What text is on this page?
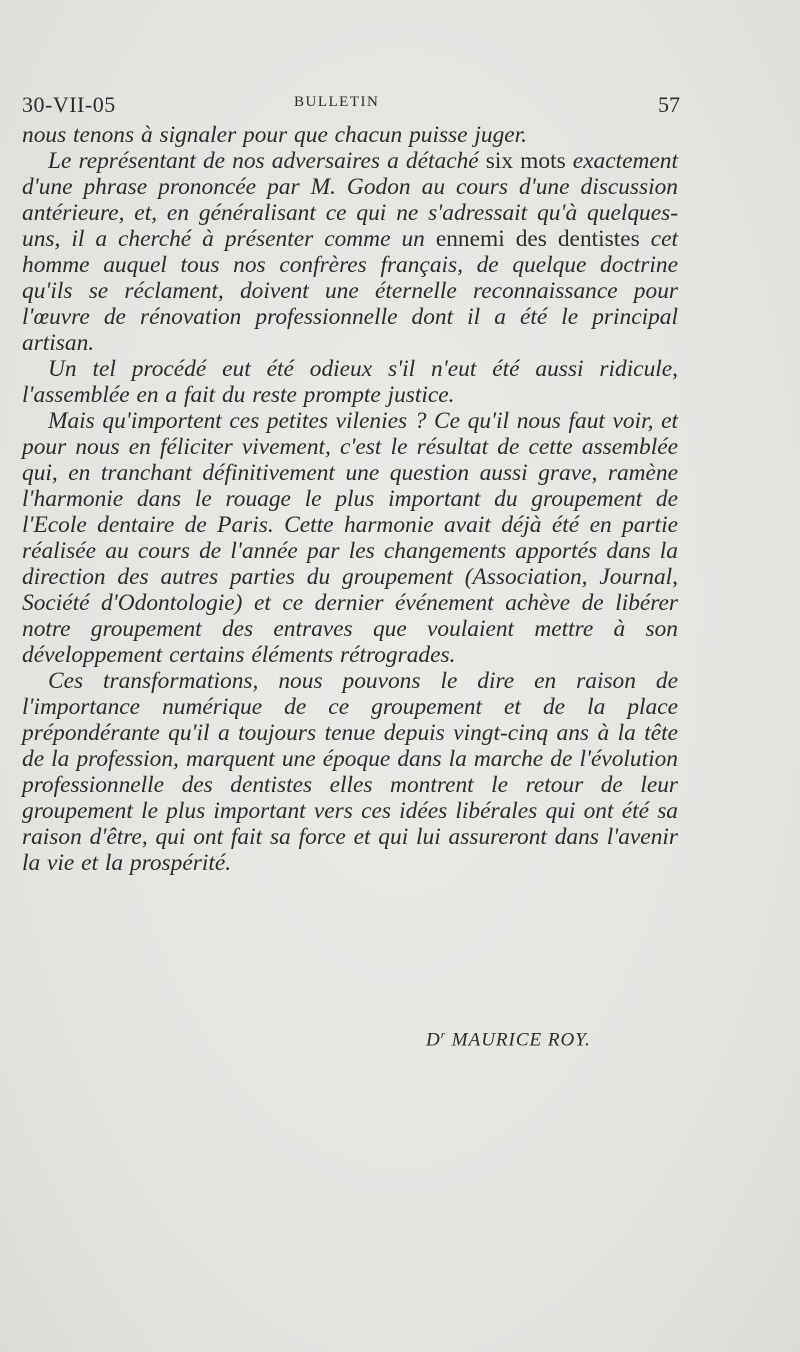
30-VII-05	BULLETIN	57

nous tenons à signaler pour que chacun puisse juger.

Le représentant de nos adversaires a détaché six mots exactement d'une phrase prononcée par M. Godon au cours d'une discussion antérieure, et, en généralisant ce qui ne s'adressait qu'à quelques-uns, il a cherché à présenter comme un ennemi des dentistes cet homme auquel tous nos confrères français, de quelque doctrine qu'ils se réclament, doivent une éternelle reconnaissance pour l'œuvre de rénovation professionnelle dont il a été le principal artisan.

Un tel procédé eut été odieux s'il n'eut été aussi ridicule, l'assemblée en a fait du reste prompte justice.

Mais qu'importent ces petites vilenies ? Ce qu'il nous faut voir, et pour nous en féliciter vivement, c'est le résultat de cette assemblée qui, en tranchant définitivement une question aussi grave, ramène l'harmonie dans le rouage le plus important du groupement de l'Ecole dentaire de Paris. Cette harmonie avait déjà été en partie réalisée au cours de l'année par les changements apportés dans la direction des autres parties du groupement (Association, Journal, Société d'Odontologie) et ce dernier événement achève de libérer notre groupement des entraves que voulaient mettre à son développement certains éléments rétrogrades.

Ces transformations, nous pouvons le dire en raison de l'importance numérique de ce groupement et de la place prépondérante qu'il a toujours tenue depuis vingt-cinq ans à la tête de la profession, marquent une époque dans la marche de l'évolution professionnelle des dentistes elles montrent le retour de leur groupement le plus important vers ces idées libérales qui ont été sa raison d'être, qui ont fait sa force et qui lui assureront dans l'avenir la vie et la prospérité.

$D^r$ MAURICE ROY.
